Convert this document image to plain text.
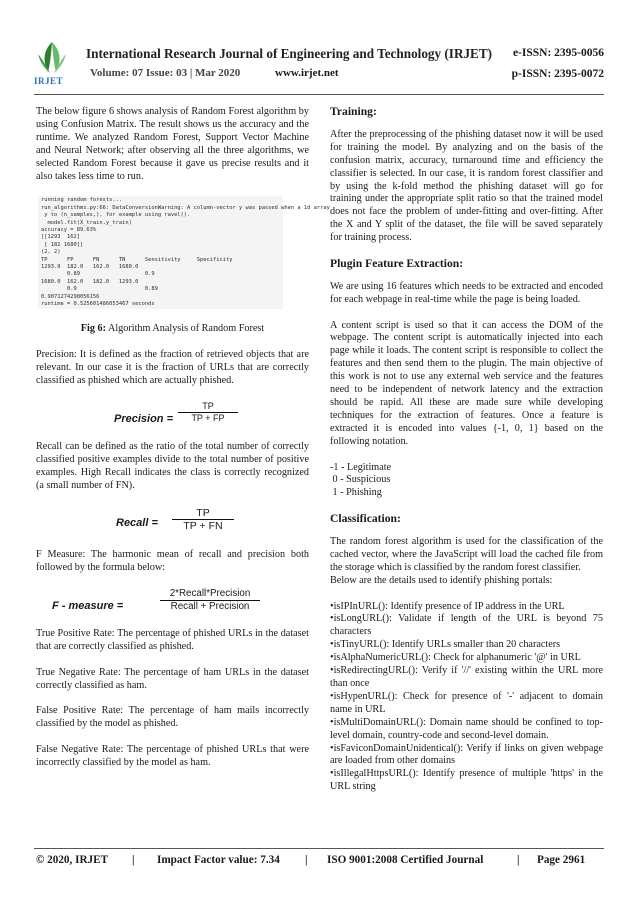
IRJET
International Research Journal of Engineering and Technology (IRJET) e-ISSN: 2395-0056
Volume: 07 Issue: 03 | Mar 2020	www.irjet.net	p-ISSN: 2395-0072

The below figure 6 shows analysis of Random Forest algorithm by using Confusion Matrix. The result shows us the accuracy and the runtime. We analyzed Random Forest, Support Vector Machine and Neural Network; after observing all the three algorithms, we selected Random Forest because it gave us precise results and it also takes less time to run.

running random forests...
run_algorithms.py:66: DataConversionWarning: A column-vector y was passed when a 1d array
y to (n_samples,), for example using ravel().
model.fit(X_train,y_train)
accuracy = 89.63%
[[1293  162]
[ 182 1680]]
(2, 2)
TP      FP      FN      TN      Sensitivity     Specificity
1293.0  182.0   162.0   1680.0
0.89                    0.9
1680.0  162.0   182.0   1293.0
0.9                     0.89
0.9071274298056156
runtime = 0.525601486053467 seconds

Fig 6: Algorithm Analysis of Random Forest

Precision: It is defined as the fraction of retrieved objects that are relevant. In our case it is the fraction of URLs that are correctly classified as phished which are actually phished.

Precision = $\frac{TP}{TP + FP}$

Recall can be defined as the ratio of the total number of correctly classified positive examples divide to the total number of positive examples. High Recall indicates the class is correctly recognized (a small number of FN).

Recall = $\frac{TP}{TP + FN}$

F Measure: The harmonic mean of recall and precision both followed by the formula below:

F - measure =
2*Recall*Precision
Recall + Precision

True Positive Rate: The percentage of phished URLs in the dataset that are correctly classified as phished.

True Negative Rate: The percentage of ham URLs in the dataset correctly classified as ham.

False Positive Rate: The percentage of ham mails incorrectly classified by the model as phished.

False Negative Rate: The percentage of phished URLs that were incorrectly classified by the model as ham.

Training:

After the preprocessing of the phishing dataset now it will be used for training the model. By analyzing and on the basis of the confusion matrix, accuracy, turnaround time and efficiency the classifier is selected. In our case, it is random forest classifier and by using the k-fold method the phishing dataset will go for training under the appropriate split ratio so that the trained model does not face the problem of under-fitting and over-fitting. After the X and Y split of the dataset, the file will be saved separately for training process.

Plugin Feature Extraction:

We are using 16 features which needs to be extracted and encoded for each webpage in real-time while the page is being loaded.

A content script is used so that it can access the DOM of the webpage. The content script is automatically injected into each page while it loads. The content script is responsible to collect the features and then send them to the plugin. The main objective of this work is not to use any external web service and the features need to be independent of network latency and the extraction should be rapid. All these are made sure while developing techniques for the extraction of features. Once a feature is extracted it is encoded into values {-1, 0, 1} based on the following notation.

-1 - Legitimate
0 - Suspicious
1 - Phishing

Classification:

The random forest algorithm is used for the classification of the cached vector, where the JavaScript will load the cached file from the storage which is classified by the random forest classifier.

Below are the details used to identify phishing portals:

•isIPInURL(): Identify presence of IP address in the URL
•isLongURL(): Validate if length of the URL is beyond 75 characters
•isTinyURL(): Identify URLs smaller than 20 characters
•isAlphaNumericURL(): Check for alphanumeric '@' in URL
•isRedirectingURL(): Verify if '//' existing within the URL more than once
•isHypenURL(): Check for presence of '-' adjacent to domain name in URL
•isMultiDomainURL(): Domain name should be confined to top-level domain, country-code and second-level domain.
•isFaviconDomainUnidentical(): Verify if links on given webpage are loaded from other domains
•isIllegalHttpsURL(): Identify presence of multiple 'https' in the URL string
© 2020, IRJET | Impact Factor value: 7.34 | ISO 9001:2008 Certified Journal	| Page 2961
